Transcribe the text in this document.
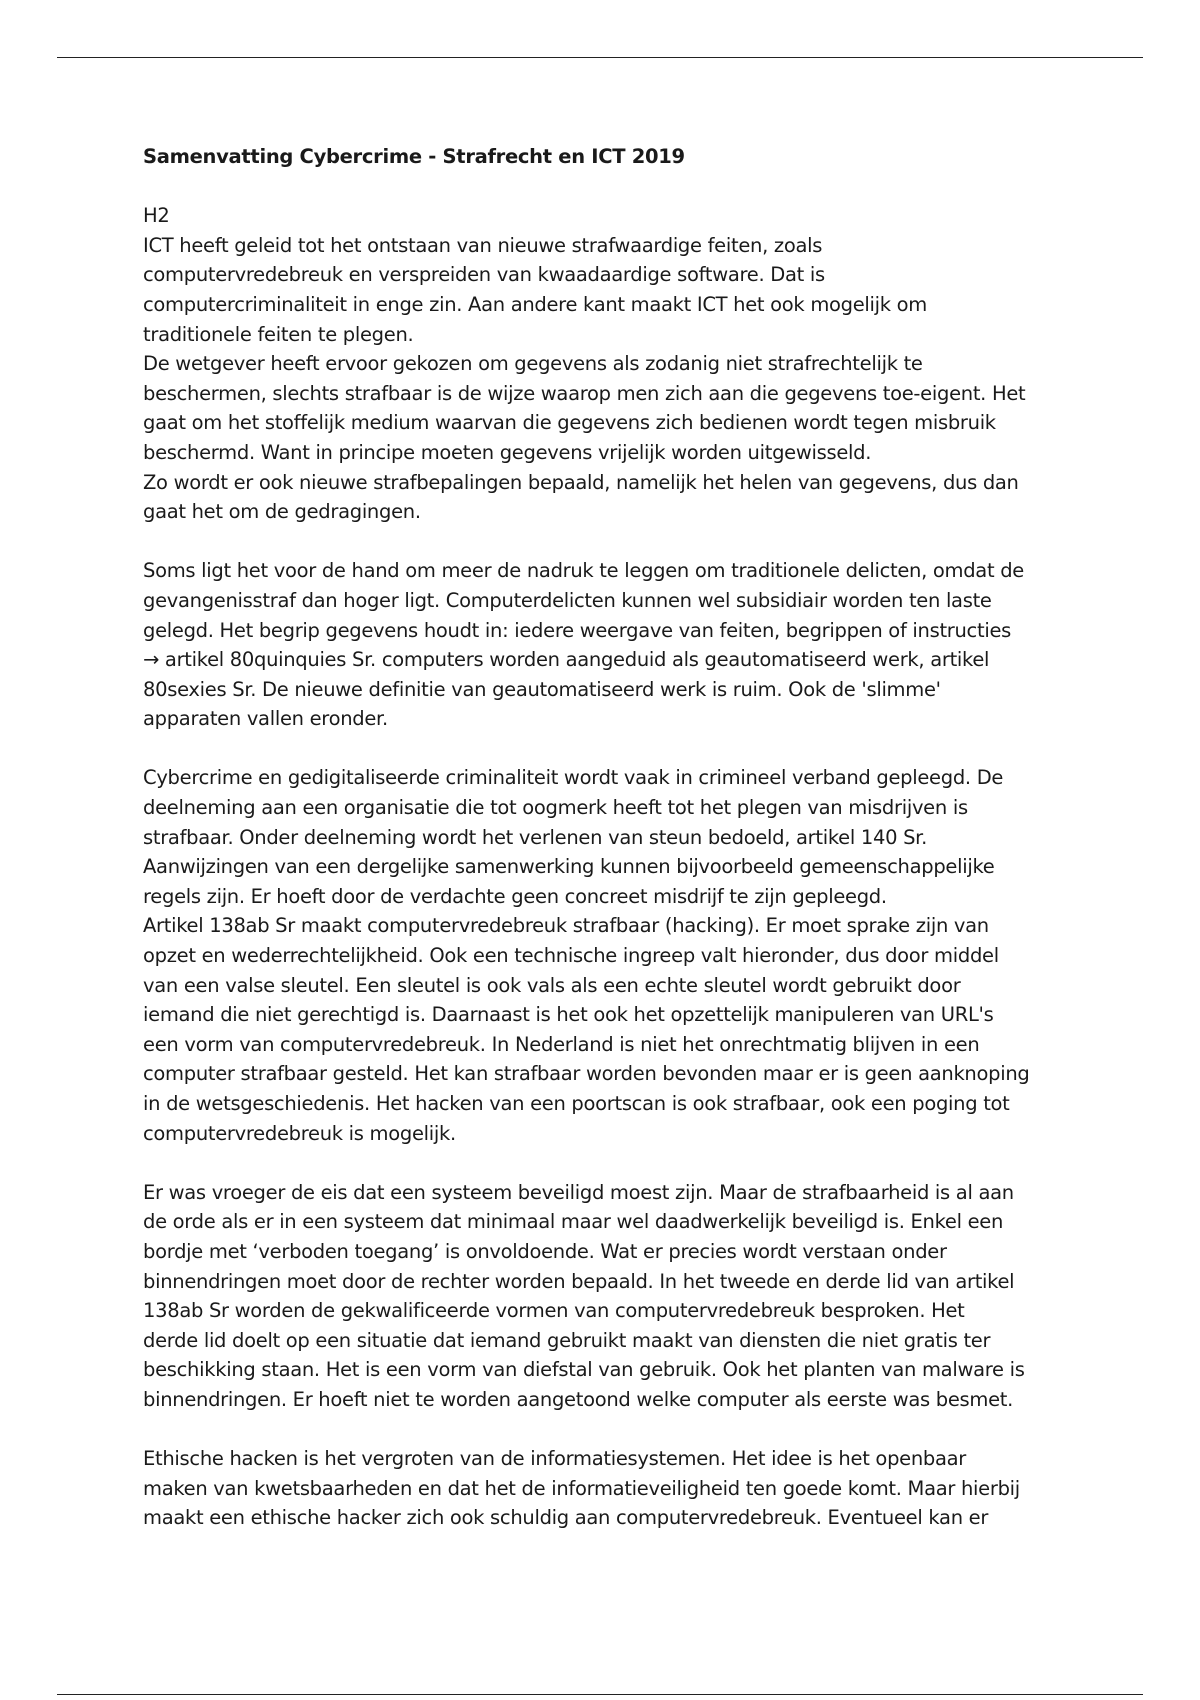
Samenvatting Cybercrime - Strafrecht en ICT 2019

H2
ICT heeft geleid tot het ontstaan van nieuwe strafwaardige feiten, zoals
computervredebreuk en verspreiden van kwaadaardige software. Dat is
computercriminaliteit in enge zin. Aan andere kant maakt ICT het ook mogelijk om
traditionele feiten te plegen.
De wetgever heeft ervoor gekozen om gegevens als zodanig niet strafrechtelijk te
beschermen, slechts strafbaar is de wijze waarop men zich aan die gegevens toe-eigent. Het
gaat om het stoffelijk medium waarvan die gegevens zich bedienen wordt tegen misbruik
beschermd. Want in principe moeten gegevens vrijelijk worden uitgewisseld.
Zo wordt er ook nieuwe strafbepalingen bepaald, namelijk het helen van gegevens, dus dan
gaat het om de gedragingen.

Soms ligt het voor de hand om meer de nadruk te leggen om traditionele delicten, omdat de
gevangenisstraf dan hoger ligt. Computerdelicten kunnen wel subsidiair worden ten laste
gelegd. Het begrip gegevens houdt in: iedere weergave van feiten, begrippen of instructies
→ artikel 80quinquies Sr. computers worden aangeduid als geautomatiseerd werk, artikel
80sexies Sr. De nieuwe definitie van geautomatiseerd werk is ruim. Ook de 'slimme'
apparaten vallen eronder.

Cybercrime en gedigitaliseerde criminaliteit wordt vaak in crimineel verband gepleegd. De
deelneming aan een organisatie die tot oogmerk heeft tot het plegen van misdrijven is
strafbaar. Onder deelneming wordt het verlenen van steun bedoeld, artikel 140 Sr.
Aanwijzingen van een dergelijke samenwerking kunnen bijvoorbeeld gemeenschappelijke
regels zijn. Er hoeft door de verdachte geen concreet misdrijf te zijn gepleegd.
Artikel 138ab Sr maakt computervredebreuk strafbaar (hacking). Er moet sprake zijn van
opzet en wederrechtelijkheid. Ook een technische ingreep valt hieronder, dus door middel
van een valse sleutel. Een sleutel is ook vals als een echte sleutel wordt gebruikt door
iemand die niet gerechtigd is. Daarnaast is het ook het opzettelijk manipuleren van URL's
een vorm van computervredebreuk. In Nederland is niet het onrechtmatig blijven in een
computer strafbaar gesteld. Het kan strafbaar worden bevonden maar er is geen aanknoping
in de wetsgeschiedenis. Het hacken van een poortscan is ook strafbaar, ook een poging tot
computervredebreuk is mogelijk.

Er was vroeger de eis dat een systeem beveiligd moest zijn. Maar de strafbaarheid is al aan
de orde als er in een systeem dat minimaal maar wel daadwerkelijk beveiligd is. Enkel een
bordje met ‘verboden toegang’ is onvoldoende. Wat er precies wordt verstaan onder
binnendringen moet door de rechter worden bepaald. In het tweede en derde lid van artikel
138ab Sr worden de gekwalificeerde vormen van computervredebreuk besproken. Het
derde lid doelt op een situatie dat iemand gebruikt maakt van diensten die niet gratis ter
beschikking staan. Het is een vorm van diefstal van gebruik. Ook het planten van malware is
binnendringen. Er hoeft niet te worden aangetoond welke computer als eerste was besmet.

Ethische hacken is het vergroten van de informatiesystemen. Het idee is het openbaar
maken van kwetsbaarheden en dat het de informatieveiligheid ten goede komt. Maar hierbij
maakt een ethische hacker zich ook schuldig aan computervredebreuk. Eventueel kan er
